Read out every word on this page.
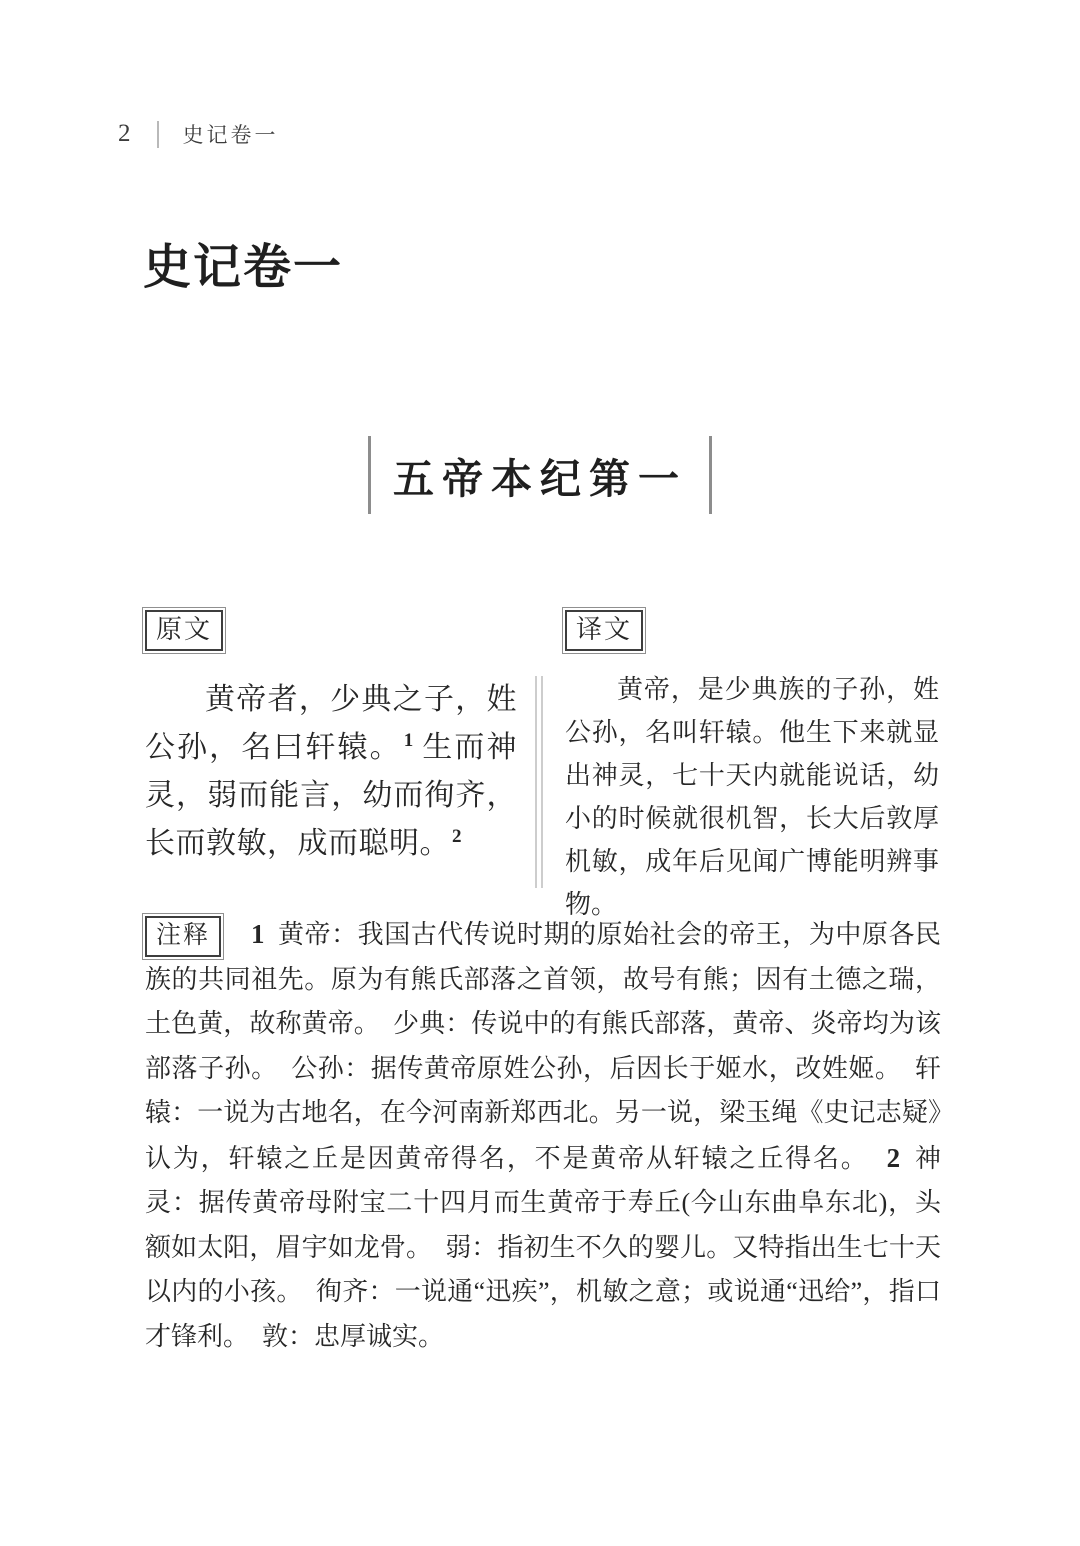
2 史记卷一
史记卷一
五帝本纪第一
原文

黄帝者，少典之子，姓公孙，名曰轩辕。 $^1$ 生而神灵，弱而能言，幼而徇齐，长而敦敏，成而聪明。 $^2$

译文

黄帝，是少典族的子孙，姓公孙，名叫轩辕。他生下来就显出神灵，七十天内就能说话，幼小的时候就很机智，长大后敦厚机敏，成年后见闻广博能明辨事物。

注释 1 黄帝：我国古代传说时期的原始社会的帝王，为中原各民族的共同祖先。原为有熊氏部落之首领，故号有熊；因有土德之瑞，土色黄，故称黄帝。　少典：传说中的有熊氏部落，黄帝、炎帝均为该部落子孙。　公孙：据传黄帝原姓公孙，后因长于姬水，改姓姬。　轩辕：一说为古地名，在今河南新郑西北。另一说，梁玉绳《史记志疑》认为，轩辕之丘是因黄帝得名，不是黄帝从轩辕之丘得名。 2 神灵：据传黄帝母附宝二十四月而生黄帝于寿丘(今山东曲阜东北)，头额如太阳，眉宇如龙骨。　弱：指初生不久的婴儿。又特指出生七十天以内的小孩。　徇齐：一说通“迅疾”，机敏之意；或说通“迅给”，指口才锋利。　敦：忠厚诚实。
